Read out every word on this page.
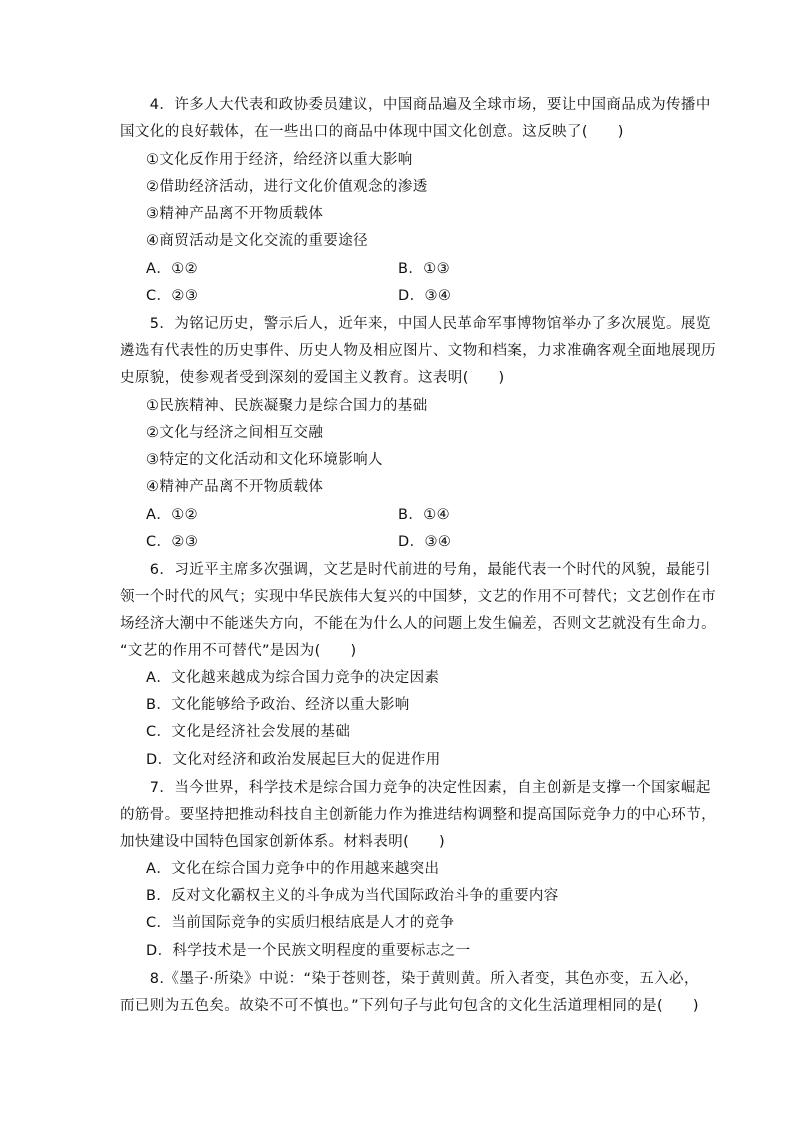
　　4．许多人大代表和政协委员建议，中国商品遍及全球市场，要让中国商品成为传播中
国文化的良好载体，在一些出口的商品中体现中国文化创意。这反映了(　　)
①文化反作用于经济，给经济以重大影响
②借助经济活动，进行文化价值观念的渗透
③精神产品离不开物质载体
④商贸活动是文化交流的重要途径
A．①②	B．①③
C．②③	D．③④
　　5．为铭记历史，警示后人，近年来，中国人民革命军事博物馆举办了多次展览。展览
遴选有代表性的历史事件、历史人物及相应图片、文物和档案，力求准确客观全面地展现历
史原貌，使参观者受到深刻的爱国主义教育。这表明(　　)
①民族精神、民族凝聚力是综合国力的基础
②文化与经济之间相互交融
③特定的文化活动和文化环境影响人
④精神产品离不开物质载体
A．①②	B．①④
C．②③	D．③④
　　6．习近平主席多次强调，文艺是时代前进的号角，最能代表一个时代的风貌，最能引
领一个时代的风气；实现中华民族伟大复兴的中国梦，文艺的作用不可替代；文艺创作在市
场经济大潮中不能迷失方向，不能在为什么人的问题上发生偏差，否则文艺就没有生命力。
“文艺的作用不可替代”是因为(　　)
A．文化越来越成为综合国力竞争的决定因素
B．文化能够给予政治、经济以重大影响
C．文化是经济社会发展的基础
D．文化对经济和政治发展起巨大的促进作用
　　7．当今世界，科学技术是综合国力竞争的决定性因素，自主创新是支撑一个国家崛起
的筋骨。要坚持把推动科技自主创新能力作为推进结构调整和提高国际竞争力的中心环节，
加快建设中国特色国家创新体系。材料表明(　　)
A．文化在综合国力竞争中的作用越来越突出
B．反对文化霸权主义的斗争成为当代国际政治斗争的重要内容
C．当前国际竞争的实质归根结底是人才的竞争
D．科学技术是一个民族文明程度的重要标志之一
　　8.《墨子·所染》中说：“染于苍则苍，染于黄则黄。所入者变，其色亦变，五入必，
而已则为五色矣。故染不可不慎也。”下列句子与此句包含的文化生活道理相同的是(　　)
